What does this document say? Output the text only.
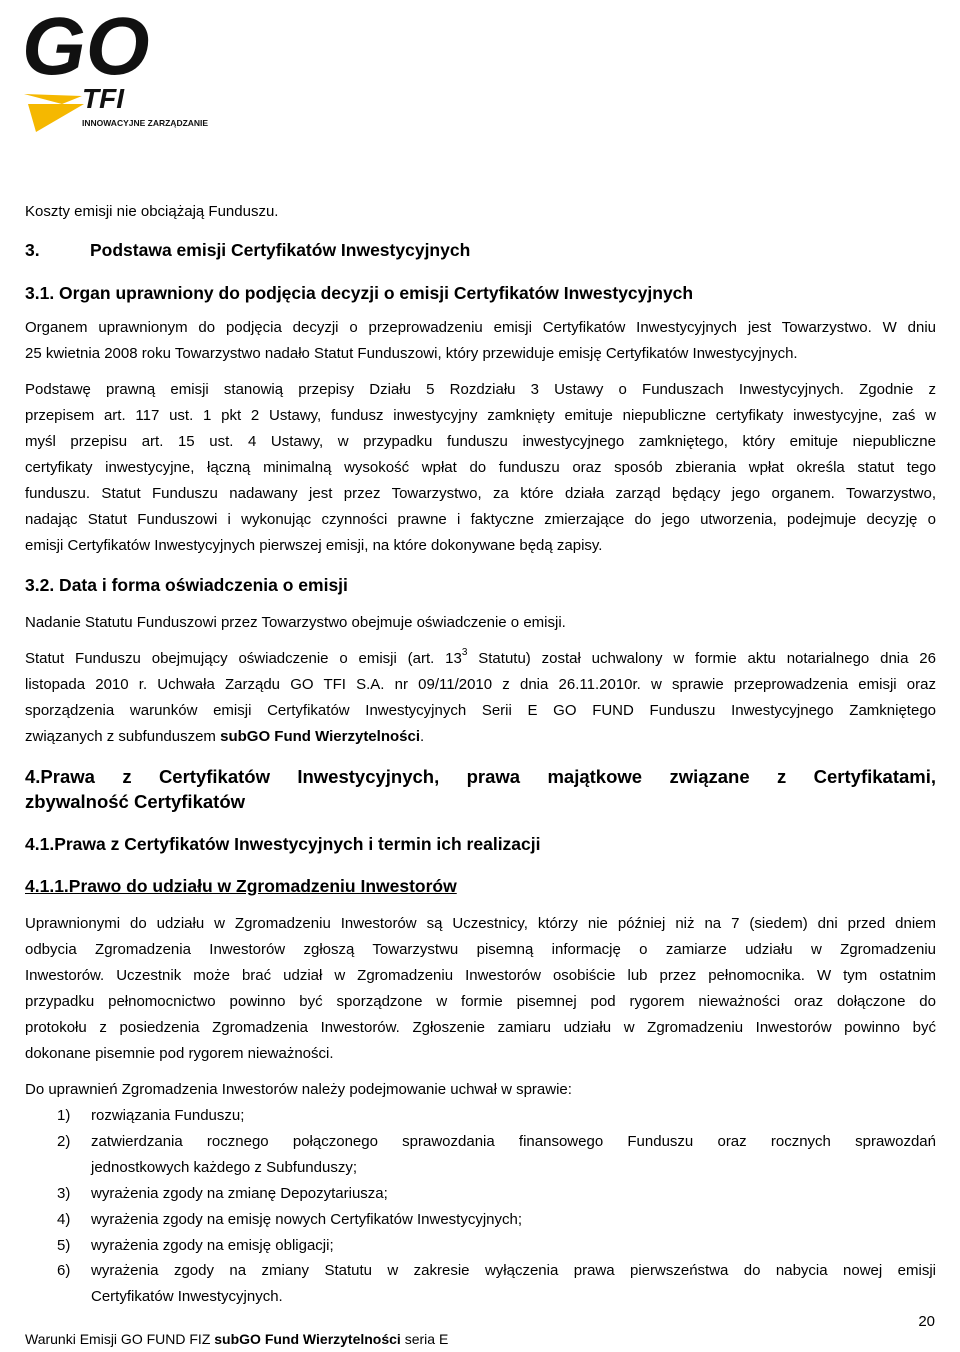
GO
TFI
INNOWACYJNE ZARZĄDZANIE
Koszty emisji nie obciążają Funduszu.
3.	Podstawa emisji Certyfikatów Inwestycyjnych
3.1. Organ uprawniony do podjęcia decyzji o emisji Certyfikatów Inwestycyjnych
Organem uprawnionym do podjęcia decyzji o przeprowadzeniu emisji Certyfikatów Inwestycyjnych jest Towarzystwo. W dniu
25 kwietnia 2008 roku Towarzystwo nadało Statut Funduszowi, który przewiduje emisję Certyfikatów Inwestycyjnych.
Podstawę prawną emisji stanowią przepisy Działu 5 Rozdziału 3 Ustawy o Funduszach Inwestycyjnych. Zgodnie z
przepisem art. 117 ust. 1 pkt 2 Ustawy, fundusz inwestycyjny zamknięty emituje niepubliczne certyfikaty inwestycyjne, zaś w
myśl przepisu art. 15 ust. 4 Ustawy, w przypadku funduszu inwestycyjnego zamkniętego, który emituje niepubliczne
certyfikaty inwestycyjne, łączną minimalną wysokość wpłat do funduszu oraz sposób zbierania wpłat określa statut tego
funduszu. Statut Funduszu nadawany jest przez Towarzystwo, za które działa zarząd będący jego organem. Towarzystwo,
nadając Statut Funduszowi i wykonując czynności prawne i faktyczne zmierzające do jego utworzenia, podejmuje decyzję o
emisji Certyfikatów Inwestycyjnych pierwszej emisji, na które dokonywane będą zapisy.
3.2. Data i forma oświadczenia o emisji
Nadanie Statutu Funduszowi przez Towarzystwo obejmuje oświadczenie o emisji.
Statut Funduszu obejmujący oświadczenie o emisji (art. $13^3$ Statutu) został uchwalony w formie aktu notarialnego dnia 26
listopada 2010 r. Uchwała Zarządu GO TFI S.A. nr 09/11/2010 z dnia 26.11.2010r. w sprawie przeprowadzenia emisji oraz
sporządzenia warunków emisji Certyfikatów Inwestycyjnych Serii E GO FUND Funduszu Inwestycyjnego Zamkniętego
związanych z subfunduszem subGO Fund Wierzytelności.
4.Prawa z Certyfikatów Inwestycyjnych, prawa majątkowe związane z Certyfikatami,
zbywalność Certyfikatów
4.1.Prawa z Certyfikatów Inwestycyjnych i termin ich realizacji
4.1.1.Prawo do udziału w Zgromadzeniu Inwestorów
Uprawnionymi do udziału w Zgromadzeniu Inwestorów są Uczestnicy, którzy nie później niż na 7 (siedem) dni przed dniem
odbycia Zgromadzenia Inwestorów zgłoszą Towarzystwu pisemną informację o zamiarze udziału w Zgromadzeniu
Inwestorów. Uczestnik może brać udział w Zgromadzeniu Inwestorów osobiście lub przez pełnomocnika. W tym ostatnim
przypadku pełnomocnictwo powinno być sporządzone w formie pisemnej pod rygorem nieważności oraz dołączone do
protokołu z posiedzenia Zgromadzenia Inwestorów. Zgłoszenie zamiaru udziału w Zgromadzeniu Inwestorów powinno być
dokonane pisemnie pod rygorem nieważności.
Do uprawnień Zgromadzenia Inwestorów należy podejmowanie uchwał w sprawie:
1) rozwiązania Funduszu;
2) zatwierdzania rocznego połączonego sprawozdania finansowego Funduszu oraz rocznych sprawozdań
jednostkowych każdego z Subfunduszy;
3) wyrażenia zgody na zmianę Depozytariusza;
4) wyrażenia zgody na emisję nowych Certyfikatów Inwestycyjnych;
5) wyrażenia zgody na emisję obligacji;
6) wyrażenia zgody na zmiany Statutu w zakresie wyłączenia prawa pierwszeństwa do nabycia nowej emisji
Certyfikatów Inwestycyjnych.
20
Warunki Emisji GO FUND FIZ subGO Fund Wierzytelności seria E
